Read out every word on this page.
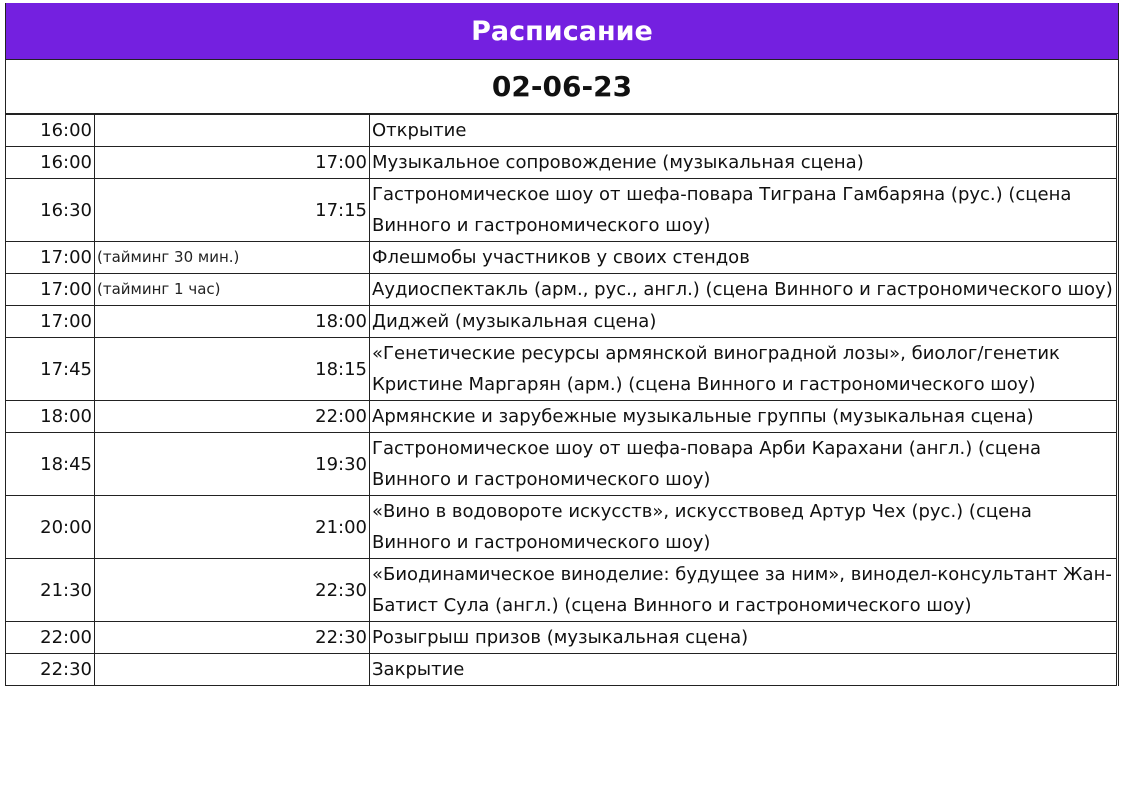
Расписание
02-06-23
16:00		Открытие
16:00	17:00	Музыкальное сопровождение (музыкальная сцена)
16:30	17:15	Гастрономическое шоу от шефа-повара Тиграна Гамбаряна (рус.) (сцена Винного и гастрономического шоу)
17:00	(тайминг 30 мин.)	Флешмобы участников у своих стендов
17:00	(тайминг 1 час)	Аудиоспектакль (арм., рус., англ.) (сцена Винного и гастрономического шоу)
17:00	18:00	Диджей (музыкальная сцена)
17:45	18:15	«Генетические ресурсы армянской виноградной лозы», биолог/генетик Кристине Маргарян (арм.) (сцена Винного и гастрономического шоу)
18:00	22:00	Армянские и зарубежные музыкальные группы (музыкальная сцена)
18:45	19:30	Гастрономическое шоу от шефа-повара Арби Карахани (англ.) (сцена Винного и гастрономического шоу)
20:00	21:00	«Вино в водовороте искусств», искусствовед Артур Чех (рус.) (сцена Винного и гастрономического шоу)
21:30	22:30	«Биодинамическое виноделие: будущее за ним», винодел-консультант Жан-Батист Сула (англ.) (сцена Винного и гастрономического шоу)
22:00	22:30	Розыгрыш призов (музыкальная сцена)
22:30		Закрытие
